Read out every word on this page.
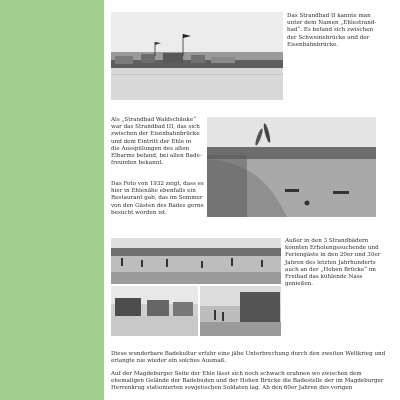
Das Strandbad II kannte man
unter dem Namen „Ehlestrand-
bad“. Es befand sich zwischen
der Schweinebrücke und der
Eisenbahnbrücke.
Als „Strandbad Waldschänke“
war das Strandbad III, das sich
zwischen der Eisenbahnbrücke
und dem Eintritt der Ehle in
die Ausspülungen des alten
Elbarms befand, bei allen Bade-
freunden bekannt.
Das Foto von 1932 zeigt, dass es
hier in Ehlenähe ebenfalls ein
Restaurant gab, das im Sommer
von den Gästen des Bades gerne
besucht worden ist.
Außer in den 3 Strandbädern
konnten Erholungssuchende und
Feriengäste in den 20er und 30er
Jahren des letzten Jahrhunderts
auch an der „Hohen Brücke“ im
Freibad das kühlende Nass
genießen.

Diese wunderbare Badekultur erfuhr eine jähe Unterbrechung durch den zweiten Weltkrieg und erlangte nie wieder ein solches Ausmaß.

Auf der Magdeburger Seite der Ehle lässt sich noch schwach erahnen wo zwischen dem ehemaligen Gelände der Badebuden und der Hohen Brücke die Badestelle der im Magdeburger Herrenkrug stationierten sowjetischen Soldaten lag. Ab den 60er Jahren des vorigen
